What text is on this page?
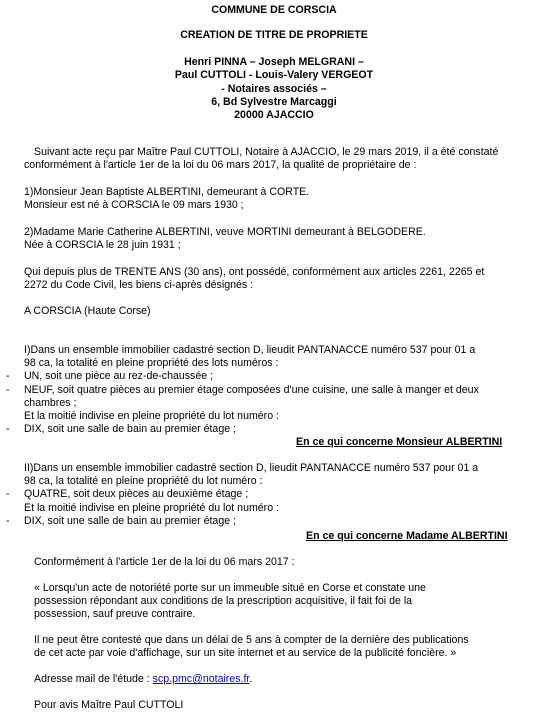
COMMUNE DE CORSCIA
CREATION DE TITRE DE PROPRIETE
Henri PINNA – Joseph MELGRANI –
Paul CUTTOLI - Louis-Valery VERGEOT
- Notaires associés –
6, Bd Sylvestre Marcaggi
20000 AJACCIO
Suivant acte reçu par Maître Paul CUTTOLI, Notaire à AJACCIO, le 29 mars 2019, il a été constaté
conformément à l'article 1er de la loi du 06 mars 2017, la qualité de propriétaire de :
1)Monsieur Jean Baptiste ALBERTINI, demeurant à CORTE.
Monsieur est né à CORSCIA le 09 mars 1930 ;
2)Madame Marie Catherine ALBERTINI, veuve MORTINI demeurant à BELGODERE.
Née à CORSCIA le 28 juin 1931 ;
Qui depuis plus de TRENTE ANS (30 ans), ont possédé, conformément aux articles 2261, 2265 et
2272 du Code Civil, les biens ci-après désignés :
A CORSCIA (Haute Corse)
I)Dans un ensemble immobilier cadastré section D, lieudit PANTANACCE numéro 537 pour 01 a
98 ca, la totalité en pleine propriété des lots numéros :
-	UN, soit une pièce au rez-de-chaussée ;
-	NEUF, soit quatre pièces au premier étage composées d'une cuisine, une salle à manger et deux
chambres ;
Et la moitié indivise en pleine propriété du lot numéro :
-	DIX, soit une salle de bain au premier étage ;
En ce qui concerne Monsieur ALBERTINI
II)Dans un ensemble immobilier cadastré section D, lieudit PANTANACCE numéro 537 pour 01 a
98 ca, la totalité en pleine propriété du lot numéro :
-	QUATRE, soit deux pièces au deuxième étage ;
Et la moitié indivise en pleine propriété du lot numéro :
-	DIX, soit une salle de bain au premier étage ;
En ce qui concerne Madame ALBERTINI
Conformément à l'article 1er de la loi du 06 mars 2017 :
« Lorsqu'un acte de notoriété porte sur un immeuble situé en Corse et constate une
possession répondant aux conditions de la prescription acquisitive, il fait foi de la
possession, sauf preuve contraire.
Il ne peut être contesté que dans un délai de 5 ans à compter de la dernière des publications
de cet acte par voie d'affichage, sur un site internet et au service de la publicité foncière. »
Adresse mail de l'étude : scp.pmc@notaires.fr.
Pour avis Maître Paul CUTTOLI
